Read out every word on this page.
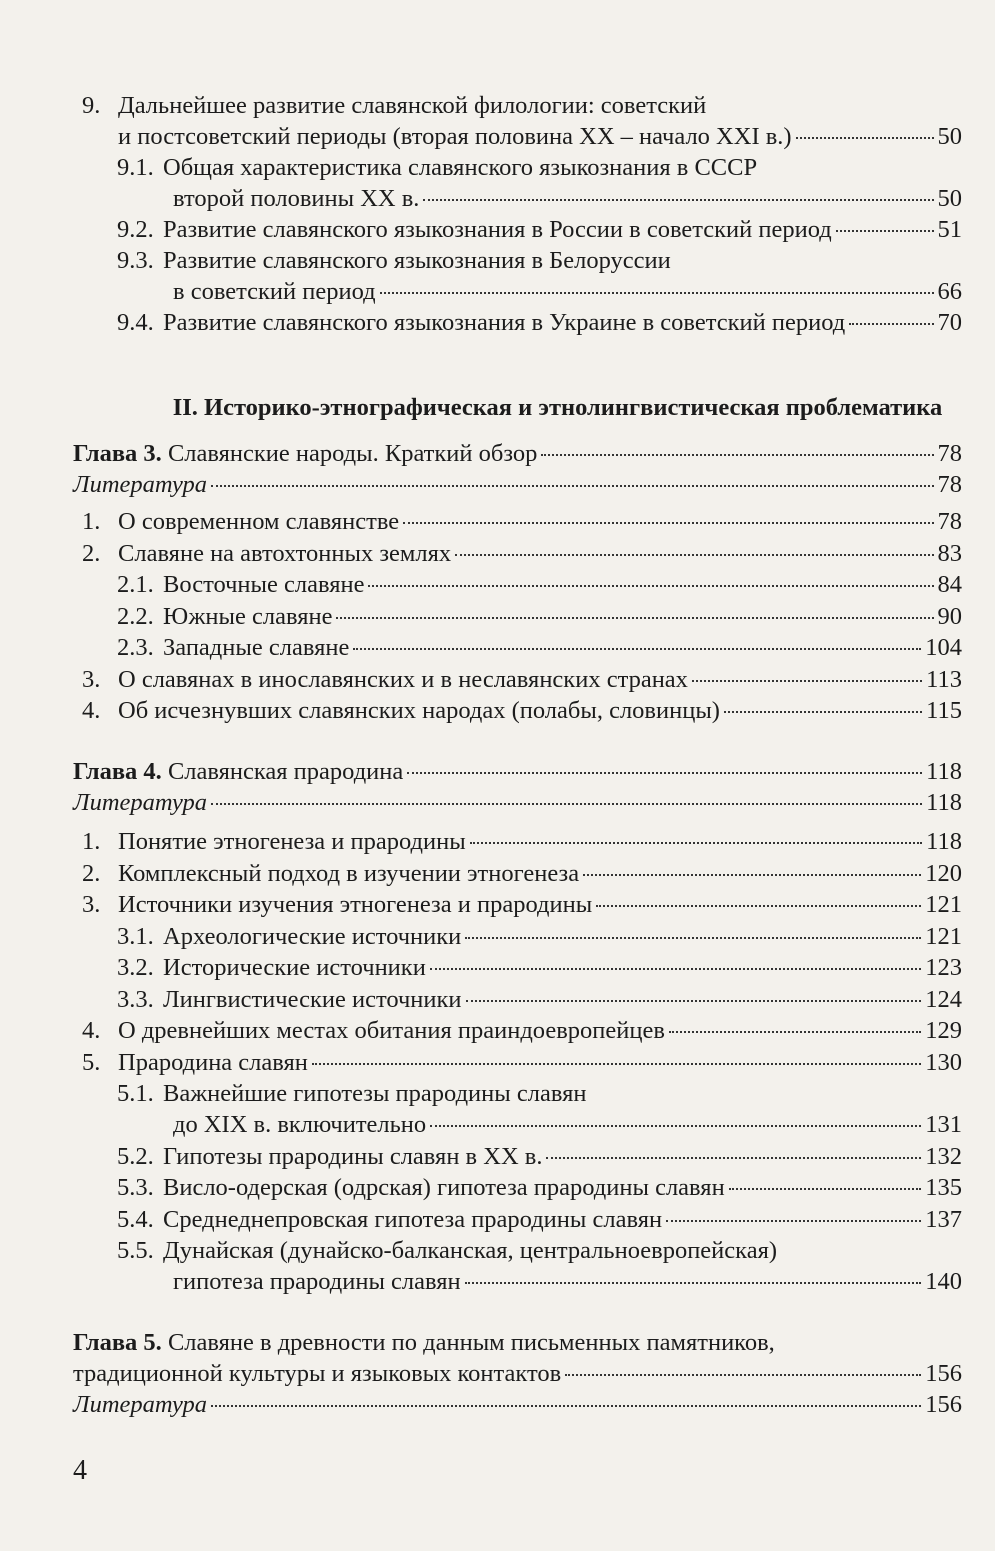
9. Дальнейшее развитие славянской филологии: советский
и постсоветский периоды (вторая половина XX – начало XXI в.)	50
9.1. Общая характеристика славянского языкознания в СССР
второй половины XX в.	50
9.2. Развитие славянского языкознания в России в советский период	51
9.3. Развитие славянского языкознания в Белоруссии
в советский период	66
9.4. Развитие славянского языкознания в Украине в советский период	70
II. Историко-этнографическая и этнолингвистическая проблематика
Глава 3. Славянские народы. Краткий обзор	78
Литература	78
1. О современном славянстве	78
2. Славяне на автохтонных землях	83
2.1. Восточные славяне	84
2.2. Южные славяне	90
2.3. Западные славяне	104
3. О славянах в инославянских и в неславянских странах	113
4. Об исчезнувших славянских народах (полабы, словинцы)	115
Глава 4. Славянская прародина	118
Литература	118
1. Понятие этногенеза и прародины	118
2. Комплексный подход в изучении этногенеза	120
3. Источники изучения этногенеза и прародины	121
3.1. Археологические источники	121
3.2. Исторические источники	123
3.3. Лингвистические источники	124
4. О древнейших местах обитания праиндоевропейцев	129
5. Прародина славян	130
5.1. Важнейшие гипотезы прародины славян
до XIX в. включительно	131
5.2. Гипотезы прародины славян в XX в.	132
5.3. Висло-одерская (одрская) гипотеза прародины славян	135
5.4. Среднеднепровская гипотеза прародины славян	137
5.5. Дунайская (дунайско-балканская, центральноевропейская)
гипотеза прародины славян	140
Глава 5. Славяне в древности по данным письменных памятников,
традиционной культуры и языковых контактов	156
Литература	156
4
